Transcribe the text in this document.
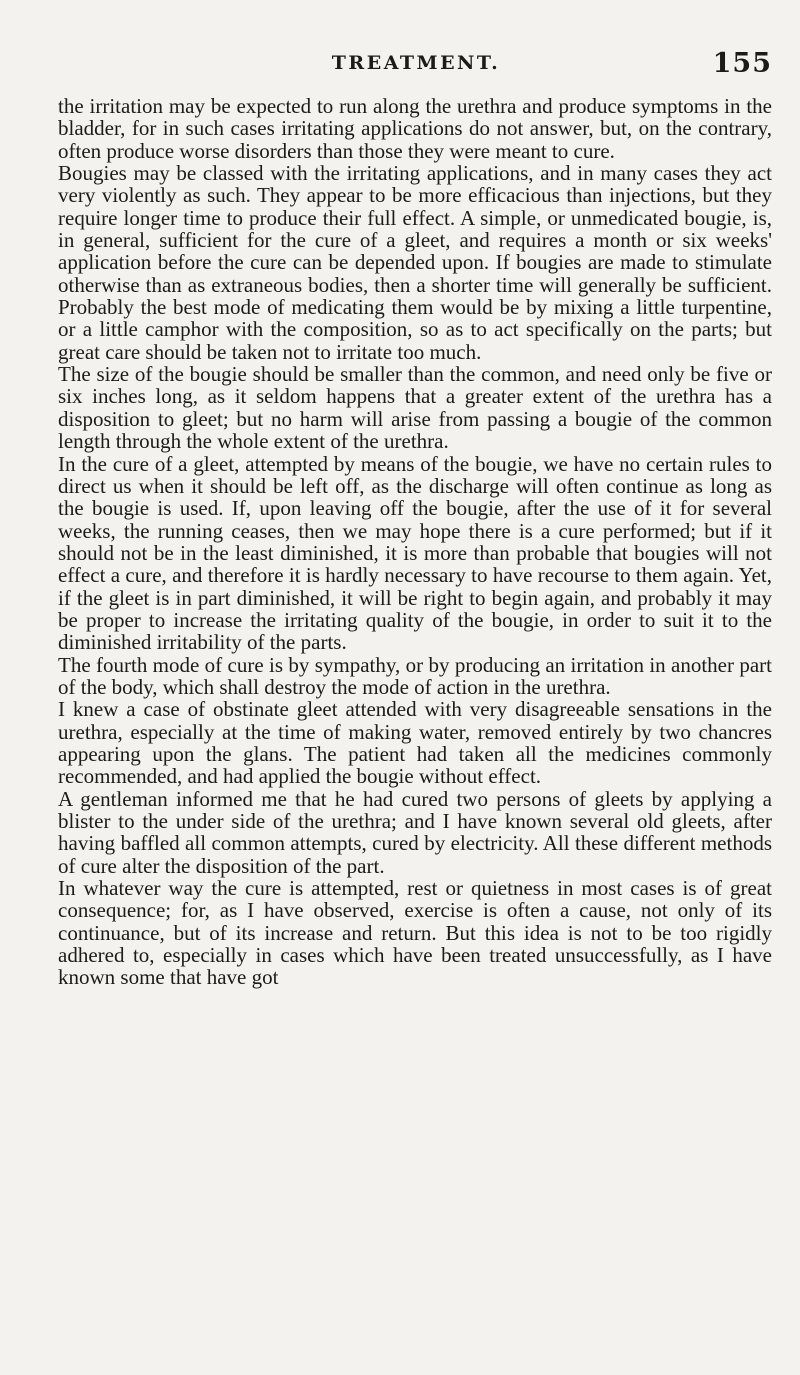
TREATMENT.	155

the irritation may be expected to run along the urethra and produce symptoms in the bladder, for in such cases irritating applications do not answer, but, on the contrary, often produce worse disorders than those they were meant to cure.

Bougies may be classed with the irritating applications, and in many cases they act very violently as such. They appear to be more efficacious than injections, but they require longer time to produce their full effect. A simple, or unmedicated bougie, is, in general, sufficient for the cure of a gleet, and requires a month or six weeks' application before the cure can be depended upon. If bougies are made to stimulate otherwise than as extraneous bodies, then a shorter time will generally be sufficient. Probably the best mode of medicating them would be by mixing a little turpentine, or a little camphor with the composition, so as to act specifically on the parts; but great care should be taken not to irritate too much.

The size of the bougie should be smaller than the common, and need only be five or six inches long, as it seldom happens that a greater extent of the urethra has a disposition to gleet; but no harm will arise from passing a bougie of the common length through the whole extent of the urethra.

In the cure of a gleet, attempted by means of the bougie, we have no certain rules to direct us when it should be left off, as the discharge will often continue as long as the bougie is used. If, upon leaving off the bougie, after the use of it for several weeks, the running ceases, then we may hope there is a cure performed; but if it should not be in the least diminished, it is more than probable that bougies will not effect a cure, and therefore it is hardly necessary to have recourse to them again. Yet, if the gleet is in part diminished, it will be right to begin again, and probably it may be proper to increase the irritating quality of the bougie, in order to suit it to the diminished irritability of the parts.

The fourth mode of cure is by sympathy, or by producing an irritation in another part of the body, which shall destroy the mode of action in the urethra.

I knew a case of obstinate gleet attended with very disagreeable sensations in the urethra, especially at the time of making water, removed entirely by two chancres appearing upon the glans. The patient had taken all the medicines commonly recommended, and had applied the bougie without effect.

A gentleman informed me that he had cured two persons of gleets by applying a blister to the under side of the urethra; and I have known several old gleets, after having baffled all common attempts, cured by electricity. All these different methods of cure alter the disposition of the part.

In whatever way the cure is attempted, rest or quietness in most cases is of great consequence; for, as I have observed, exercise is often a cause, not only of its continuance, but of its increase and return. But this idea is not to be too rigidly adhered to, especially in cases which have been treated unsuccessfully, as I have known some that have got
